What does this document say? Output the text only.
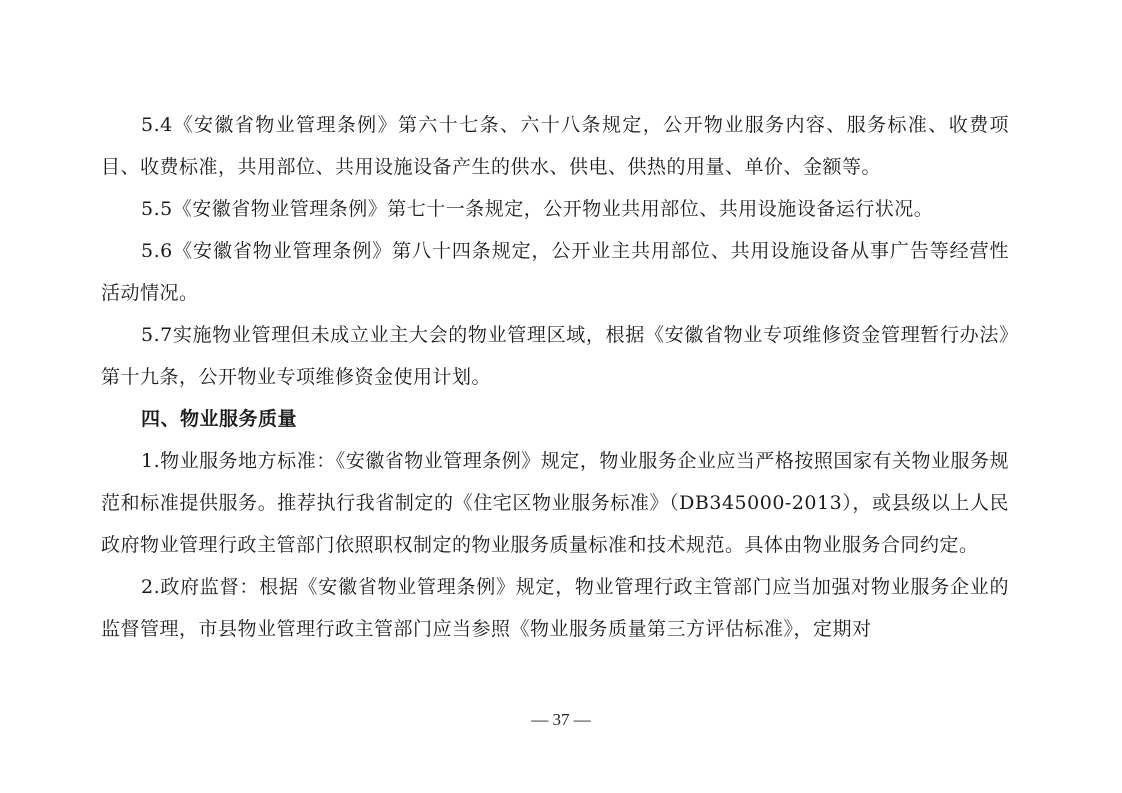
5.4《安徽省物业管理条例》第六十七条、六十八条规定，公开物业服务内容、服务标准、收费项目、收费标准，共用部位、共用设施设备产生的供水、供电、供热的用量、单价、金额等。

5.5《安徽省物业管理条例》第七十一条规定，公开物业共用部位、共用设施设备运行状况。

5.6《安徽省物业管理条例》第八十四条规定，公开业主共用部位、共用设施设备从事广告等经营性活动情况。

5.7实施物业管理但未成立业主大会的物业管理区域，根据《安徽省物业专项维修资金管理暂行办法》第十九条，公开物业专项维修资金使用计划。

四、物业服务质量

1.物业服务地方标准：《安徽省物业管理条例》规定，物业服务企业应当严格按照国家有关物业服务规范和标准提供服务。推荐执行我省制定的《住宅区物业服务标准》（DB345000-2013），或县级以上人民政府物业管理行政主管部门依照职权制定的物业服务质量标准和技术规范。具体由物业服务合同约定。

2.政府监督：根据《安徽省物业管理条例》规定，物业管理行政主管部门应当加强对物业服务企业的监督管理，市县物业管理行政主管部门应当参照《物业服务质量第三方评估标准》，定期对

— 37 —
